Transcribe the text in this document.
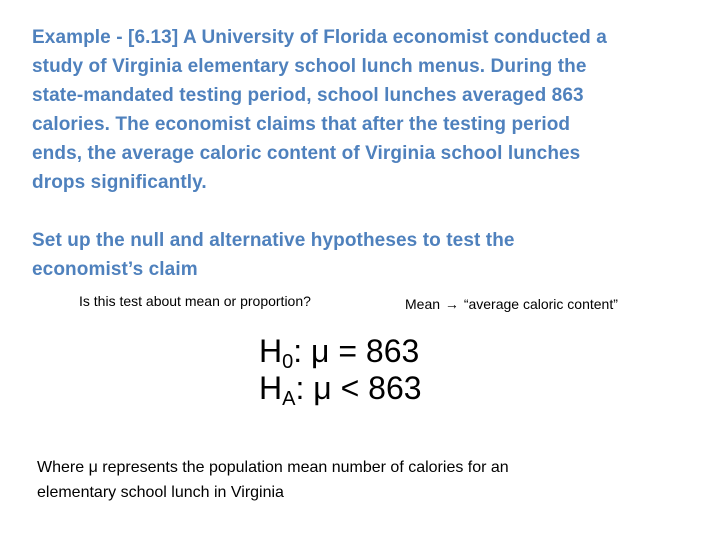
Example - [6.13] A University of Florida economist conducted a
study of Virginia elementary school lunch menus. During the
state-mandated testing period, school lunches averaged 863
calories. The economist claims that after the testing period
ends, the average caloric content of Virginia school lunches
drops significantly.
Set up the null and alternative hypotheses to test the
economist’s claim
Is this test about mean or proportion?	Mean → “average caloric content”
$H_0$: μ = 863
$H_A$: μ < 863
Where μ represents the population mean number of calories for an
elementary school lunch in Virginia
